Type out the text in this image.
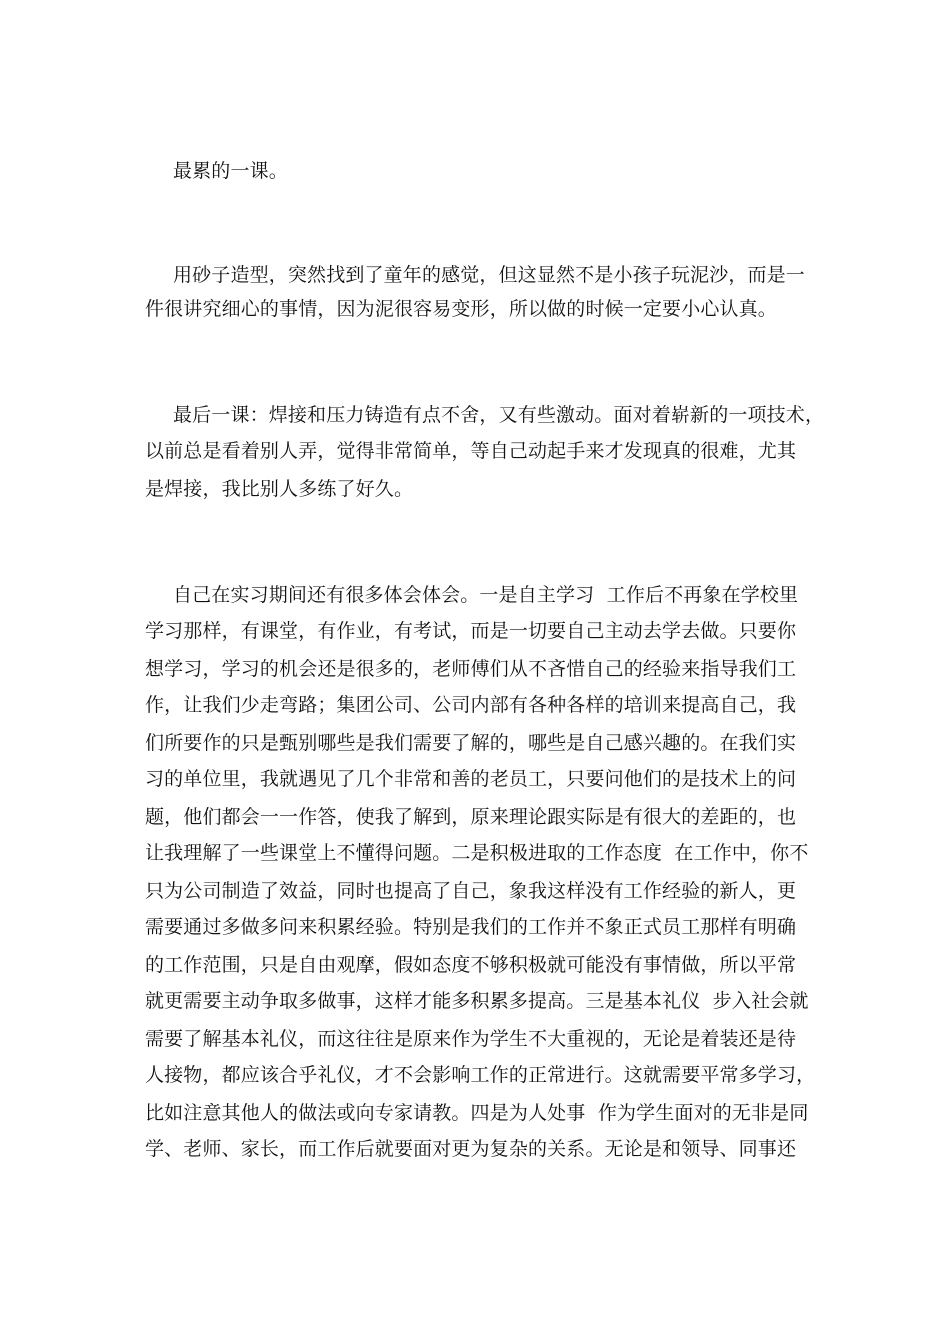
最累的一课。
用砂子造型，突然找到了童年的感觉，但这显然不是小孩子玩泥沙，而是一
件很讲究细心的事情，因为泥很容易变形，所以做的时候一定要小心认真。
最后一课：焊接和压力铸造有点不舍，又有些激动。面对着崭新的一项技术，
以前总是看着别人弄，觉得非常简单，等自己动起手来才发现真的很难，尤其
是焊接，我比别人多练了好久。
自己在实习期间还有很多体会体会。一是自主学习  工作后不再象在学校里
学习那样，有课堂，有作业，有考试，而是一切要自己主动去学去做。只要你
想学习，学习的机会还是很多的，老师傅们从不吝惜自己的经验来指导我们工
作，让我们少走弯路；集团公司、公司内部有各种各样的培训来提高自己，我
们所要作的只是甄别哪些是我们需要了解的，哪些是自己感兴趣的。在我们实
习的单位里，我就遇见了几个非常和善的老员工，只要问他们的是技术上的问
题，他们都会一一作答，使我了解到，原来理论跟实际是有很大的差距的，也
让我理解了一些课堂上不懂得问题。二是积极进取的工作态度  在工作中，你不
只为公司制造了效益，同时也提高了自己，象我这样没有工作经验的新人，更
需要通过多做多问来积累经验。特别是我们的工作并不象正式员工那样有明确
的工作范围，只是自由观摩，假如态度不够积极就可能没有事情做，所以平常
就更需要主动争取多做事，这样才能多积累多提高。三是基本礼仪  步入社会就
需要了解基本礼仪，而这往往是原来作为学生不大重视的，无论是着装还是待
人接物，都应该合乎礼仪，才不会影响工作的正常进行。这就需要平常多学习，
比如注意其他人的做法或向专家请教。四是为人处事  作为学生面对的无非是同
学、老师、家长，而工作后就要面对更为复杂的关系。无论是和领导、同事还
